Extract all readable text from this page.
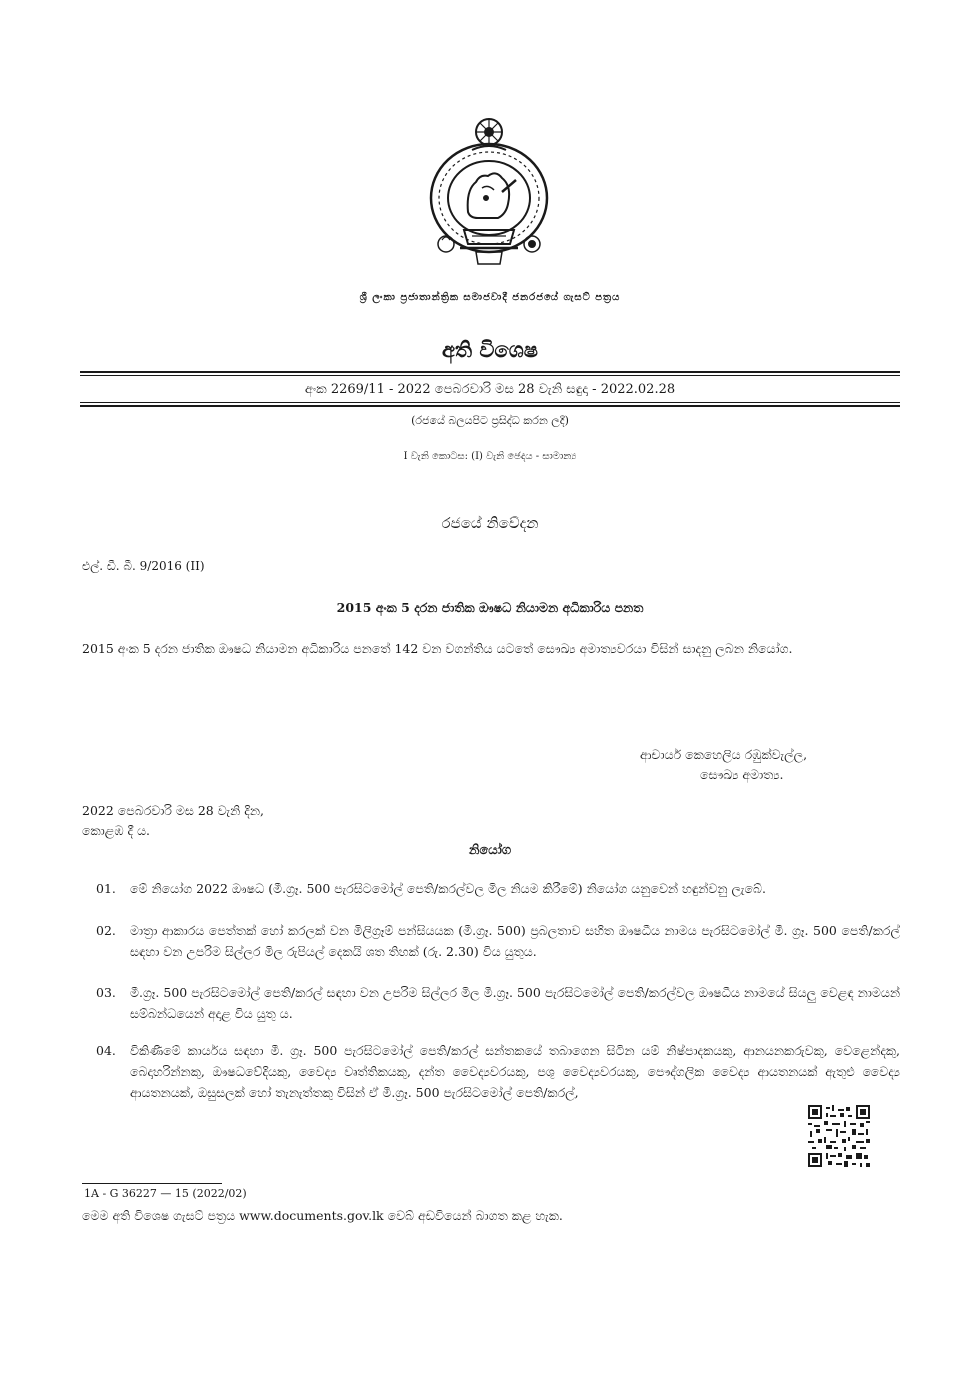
ශ්‍රී ලංකා ප්‍රජාතාන්ත්‍රික සමාජවාදී ජනරජයේ ගැසට් පත්‍රය
අති විශෙෂ
අංක 2269/11 - 2022 පෙබරවාරි මස 28 වැනි සඳුදා - 2022.02.28
(රජයේ බලයපිට ප්‍රසිද්ධ කරන ලදී)
I වැනි කොටස: (I) වැනි ඡෙදය - සාමාන්‍ය
රජයේ නිවේදන
එල්. ඩී. බී. 9/2016 (II)
2015 අංක 5 දරන ජාතික ඖෂධ නියාමන අධිකාරිය පනත
2015 අංක 5 දරන ජාතික ඖෂධ නියාමන අධිකාරිය පනතේ 142 වන වගන්තිය යටතේ සෞඛ්‍ය අමාත්‍යවරයා විසින් සාදනු ලබන නියෝග.
ආචාර්ය කෙහෙලිය රඹුක්වැල්ල,
සෞඛ්‍ය අමාත්‍ය.
2022 පෙබරවාරි මස 28 වැනි දින,
කොළඹ දී ය.
නියෝග
01.	මේ නියෝග 2022 ඖෂධ (මී.ග්‍රෑ. 500 පැරසිටමෝල් පෙති/කරල්වල මිල නියම කිරීමේ) නියෝග යනුවෙන් හඳුන්වනු ලැබේ.
02.	මාත්‍රා ආකාරය පෙත්තක් හෝ කරලක් වන මිලිග්‍රෑම් පන්සියයක (මී.ග්‍රෑ. 500) ප්‍රබලතාව සහිත ඖෂධීය නාමය පැරසිටමෝල් මී. ග්‍රෑ. 500 පෙති/කරල් සඳහා වන උපරිම සිල්ලර මිල රුපියල් දෙකයි ශත තිහක් (රු. 2.30) විය යුතුය.
03.	මී.ග්‍රෑ. 500 පැරසිටමෝල් පෙති/කරල් සඳහා වන උපරිම සිල්ලර මිල මී.ග්‍රෑ. 500 පැරසිටමෝල් පෙති/කරල්වල ඖෂධීය නාමයේ සියලු වෙළඳ නාමයන් සම්බන්ධයෙන් අදාළ විය යුතු ය.
04.	විකිණීමේ කාර්යය සඳහා මී. ග්‍රෑ. 500 පැරසිටමෝල් පෙති/කරල් සන්තකයේ තබාගෙන සිටින යම් නිෂ්පාදකයකු, ආනයනකරුවකු, වෙළෙන්දකු, බෙදාහරින්නකු, ඖෂධවේදියකු, වෛද්‍ය වෘත්තිකයකු, දන්ත වෛද්‍යවරයකු, පශු වෛද්‍යවරයකු, පෞද්ගලික වෛද්‍ය ආයතනයක් ඇතුළු වෛද්‍ය ආයතනයක්, ඔසුසලක් හෝ තැනැත්තකු විසින් ඒ මී.ග්‍රෑ. 500 පැරසිටමෝල් පෙති/කරල්,
1A - G 36227 — 15 (2022/02)
මෙම අති විශෙෂ ගැසට් පත්‍රය www.documents.gov.lk වෙබ් අඩවියෙන් බාගත කළ හැක.
